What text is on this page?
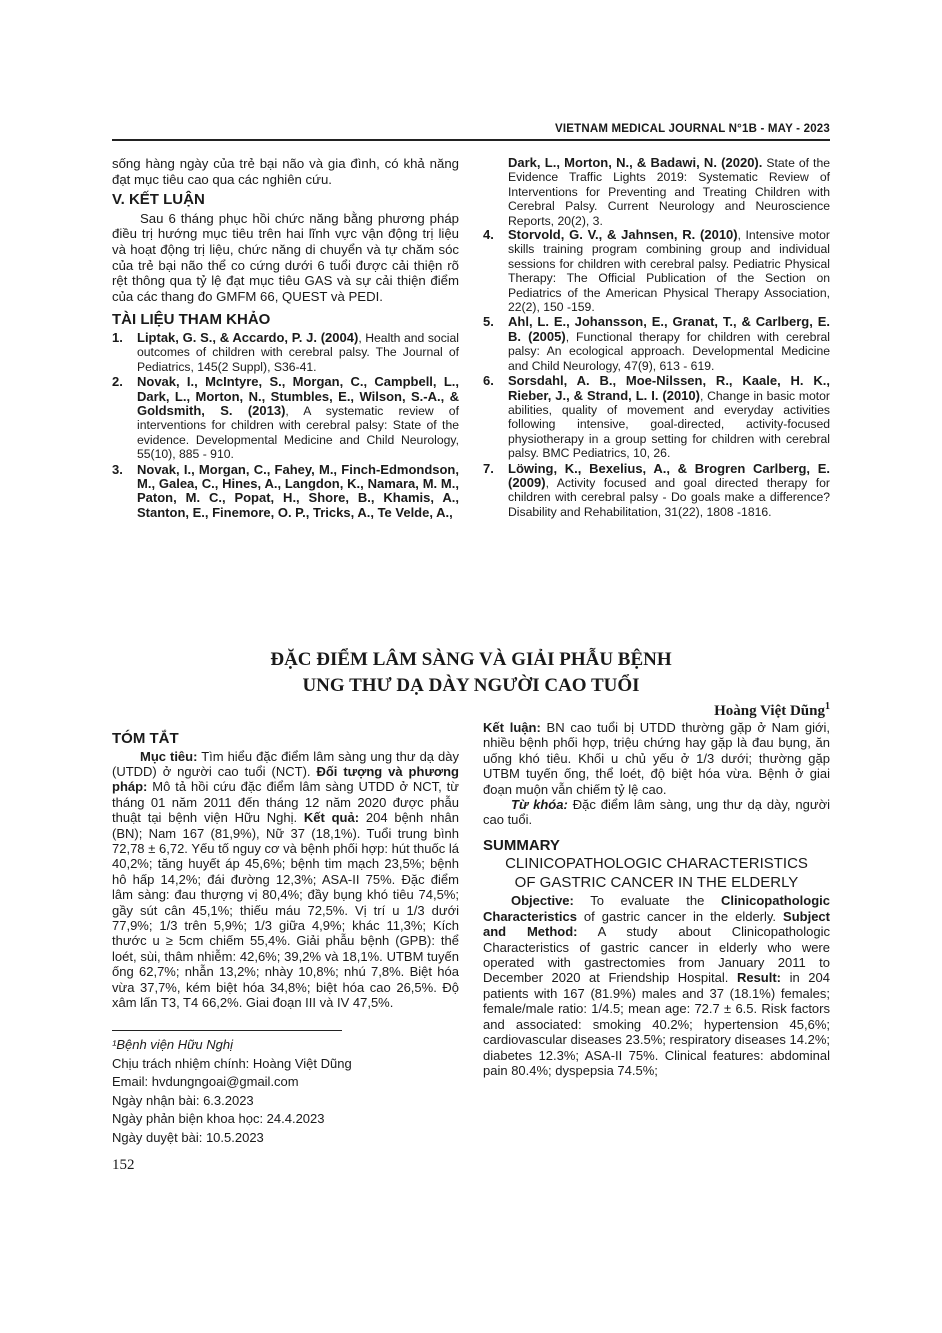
VIETNAM MEDICAL JOURNAL N°1B - MAY - 2023

sống hàng ngày của trẻ bại não và gia đình, có khả năng đạt mục tiêu cao qua các nghiên cứu.

V. KẾT LUẬN

Sau 6 tháng phục hồi chức năng bằng phương pháp điều trị hướng mục tiêu trên hai lĩnh vực vận động trị liệu và hoạt động trị liệu, chức năng di chuyển và tự chăm sóc của trẻ bại não thể co cứng dưới 6 tuổi được cải thiện rõ rệt thông qua tỷ lệ đạt mục tiêu GAS và sự cải thiện điểm của các thang đo GMFM 66, QUEST và PEDI.

TÀI LIỆU THAM KHẢO
1. Liptak, G. S., & Accardo, P. J. (2004), Health and social outcomes of children with cerebral palsy. The Journal of Pediatrics, 145(2 Suppl), S36-41.
2. Novak, I., McIntyre, S., Morgan, C., Campbell, L., Dark, L., Morton, N., Stumbles, E., Wilson, S.-A., & Goldsmith, S. (2013), A systematic review of interventions for children with cerebral palsy: State of the evidence. Developmental Medicine and Child Neurology, 55(10), 885 - 910.
3. Novak, I., Morgan, C., Fahey, M., Finch-Edmondson, M., Galea, C., Hines, A., Langdon, K., Namara, M. M., Paton, M. C., Popat, H., Shore, B., Khamis, A., Stanton, E., Finemore, O. P., Tricks, A., Te Velde, A.,
Dark, L., Morton, N., & Badawi, N. (2020). State of the Evidence Traffic Lights 2019: Systematic Review of Interventions for Preventing and Treating Children with Cerebral Palsy. Current Neurology and Neuroscience Reports, 20(2), 3.
4. Storvold, G. V., & Jahnsen, R. (2010), Intensive motor skills training program combining group and individual sessions for children with cerebral palsy. Pediatric Physical Therapy: The Official Publication of the Section on Pediatrics of the American Physical Therapy Association, 22(2), 150 -159.
5. Ahl, L. E., Johansson, E., Granat, T., & Carlberg, E. B. (2005), Functional therapy for children with cerebral palsy: An ecological approach. Developmental Medicine and Child Neurology, 47(9), 613 - 619.
6. Sorsdahl, A. B., Moe-Nilssen, R., Kaale, H. K., Rieber, J., & Strand, L. I. (2010), Change in basic motor abilities, quality of movement and everyday activities following intensive, goal-directed, activity-focused physiotherapy in a group setting for children with cerebral palsy. BMC Pediatrics, 10, 26.
7. Löwing, K., Bexelius, A., & Brogren Carlberg, E. (2009), Activity focused and goal directed therapy for children with cerebral palsy - Do goals make a difference? Disability and Rehabilitation, 31(22), 1808 -1816.
ĐẶC ĐIỂM LÂM SÀNG VÀ GIẢI PHẪU BỆNH
UNG THƯ DẠ DÀY NGƯỜI CAO TUỔI
Hoàng Việt Dũng$^1$
TÓM TẮT

Mục tiêu: Tìm hiểu đặc điểm lâm sàng ung thư dạ dày (UTDD) ở người cao tuổi (NCT). Đối tượng và phương pháp: Mô tả hồi cứu đặc điểm lâm sàng UTDD ở NCT, từ tháng 01 năm 2011 đến tháng 12 năm 2020 được phẫu thuật tại bệnh viện Hữu Nghị. Kết quả: 204 bệnh nhân (BN); Nam 167 (81,9%), Nữ 37 (18,1%). Tuổi trung bình 72,78 ± 6,72. Yếu tố nguy cơ và bệnh phối hợp: hút thuốc lá 40,2%; tăng huyết áp 45,6%; bệnh tim mạch 23,5%; bệnh hô hấp 14,2%; đái đường 12,3%; ASA-II 75%. Đặc điểm lâm sàng: đau thượng vị 80,4%; đầy bụng khó tiêu 74,5%; gầy sút cân 45,1%; thiếu máu 72,5%. Vị trí u 1/3 dưới 77,9%; 1/3 trên 5,9%; 1/3 giữa 4,9%; khác 11,3%; Kích thước u ≥ 5cm chiếm 55,4%. Giải phẫu bệnh (GPB): thể loét, sùi, thâm nhiễm: 42,6%; 39,2% và 18,1%. UTBM tuyến ống 62,7%; nhẫn 13,2%; nhày 10,8%; nhú 7,8%. Biệt hóa vừa 37,7%, kém biệt hóa 34,8%; biệt hóa cao 26,5%. Độ xâm lấn T3, T4 66,2%. Giai đoạn III và IV 47,5%.

Kết luận: BN cao tuổi bị UTDD thường gặp ở Nam giới, nhiều bệnh phối hợp, triệu chứng hay gặp là đau bụng, ăn uống khó tiêu. Khối u chủ yếu ở 1/3 dưới; thường gặp UTBM tuyến ống, thể loét, độ biệt hóa vừa. Bệnh ở giai đoạn muộn vẫn chiếm tỷ lệ cao.

Từ khóa: Đặc điểm lâm sàng, ung thư dạ dày, người cao tuổi.

SUMMARY
CLINICOPATHOLOGIC CHARACTERISTICS
OF GASTRIC CANCER IN THE ELDERLY

Objective: To evaluate the Clinicopathologic Characteristics of gastric cancer in the elderly. Subject and Method: A study about Clinicopathologic Characteristics of gastric cancer in elderly who were operated with gastrectomies from January 2011 to December 2020 at Friendship Hospital. Result: in 204 patients with 167 (81.9%) males and 37 (18.1%) females; female/male ratio: 1/4.5; mean age: 72.7 ± 6.5. Risk factors and associated: smoking 40.2%; hypertension 45,6%; cardiovascular diseases 23.5%; respiratory diseases 14.2%; diabetes 12.3%; ASA-II 75%. Clinical features: abdominal pain 80.4%; dyspepsia 74.5%;

¹Bệnh viện Hữu Nghị
Chịu trách nhiệm chính: Hoàng Việt Dũng
Email: hvdungngoai@gmail.com
Ngày nhận bài: 6.3.2023
Ngày phản biện khoa học: 24.4.2023
Ngày duyệt bài: 10.5.2023
152
